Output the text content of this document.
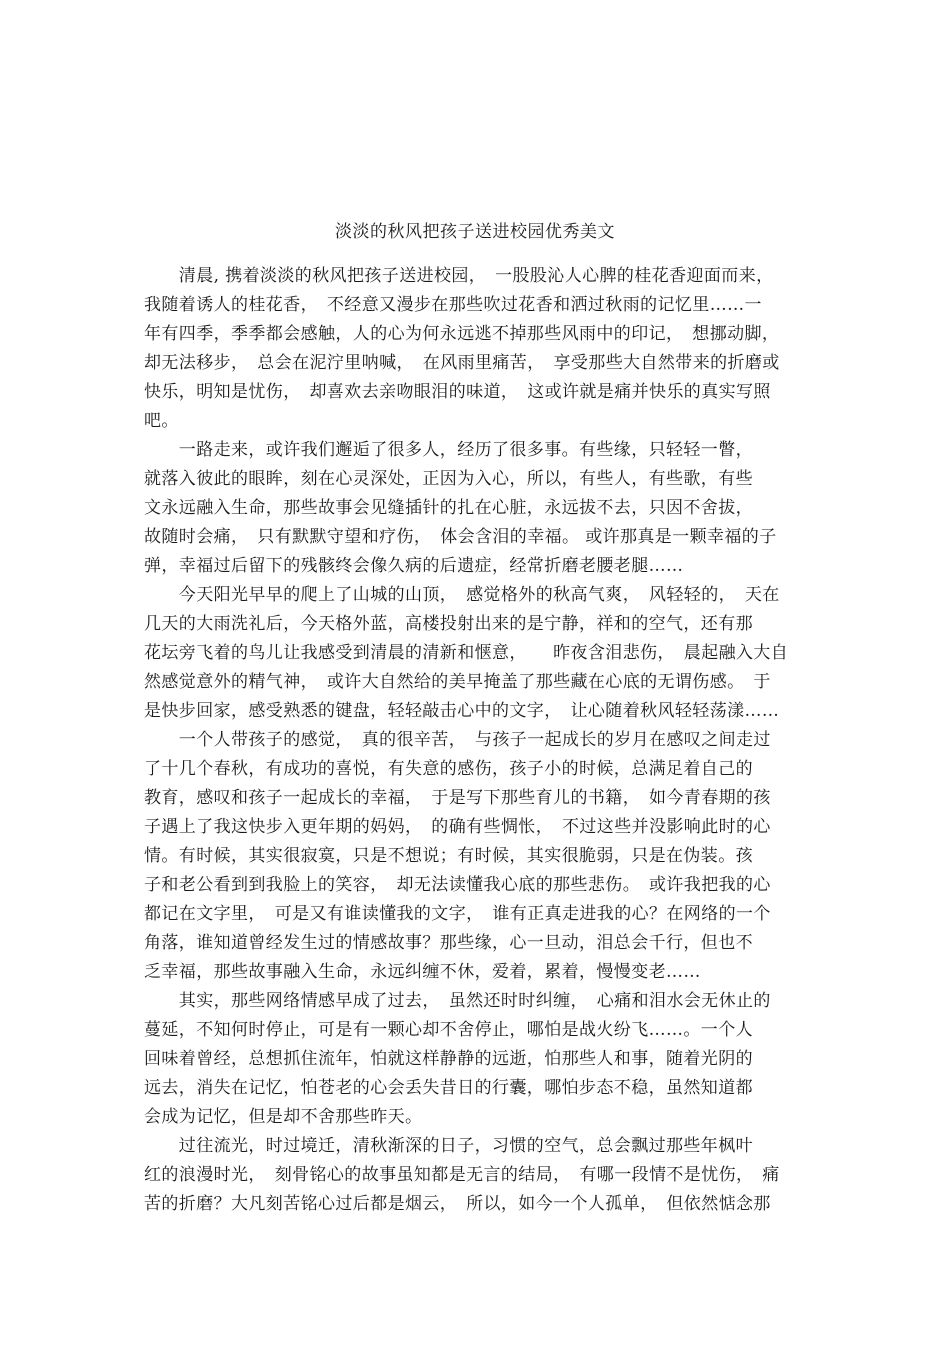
淡淡的秋风把孩子送进校园优秀美文
　　清晨, 携着淡淡的秋风把孩子送进校园，　一股股沁人心脾的桂花香迎面而来，
我随着诱人的桂花香，　不经意又漫步在那些吹过花香和洒过秋雨的记忆里……一
年有四季，季季都会感触，人的心为何永远逃不掉那些风雨中的印记，　想挪动脚，
却无法移步，　总会在泥泞里呐喊，　在风雨里痛苦，　享受那些大自然带来的折磨或
快乐，明知是忧伤，　却喜欢去亲吻眼泪的味道，　这或许就是痛并快乐的真实写照
吧。
　　一路走来，或许我们邂逅了很多人，经历了很多事。有些缘，只轻轻一瞥，
就落入彼此的眼眸，刻在心灵深处，正因为入心，所以，有些人，有些歌，有些
文永远融入生命，那些故事会见缝插针的扎在心脏，永远拔不去，只因不舍拔，
故随时会痛，　只有默默守望和疗伤，　体会含泪的幸福。 或许那真是一颗幸福的子
弹，幸福过后留下的残骸终会像久病的后遗症，经常折磨老腰老腿……
　　今天阳光早早的爬上了山城的山顶，　感觉格外的秋高气爽，　风轻轻的，　天在
几天的大雨洗礼后，今天格外蓝，高楼投射出来的是宁静，祥和的空气，还有那
花坛旁飞着的鸟儿让我感受到清晨的清新和惬意，　　昨夜含泪悲伤，　晨起融入大自
然感觉意外的精气神，　或许大自然给的美早掩盖了那些藏在心底的无谓伤感。　于
是快步回家，感受熟悉的键盘，轻轻敲击心中的文字，　让心随着秋风轻轻荡漾……
　　一个人带孩子的感觉，　真的很辛苦，　与孩子一起成长的岁月在感叹之间走过
了十几个春秋，有成功的喜悦，有失意的感伤，孩子小的时候，总满足着自己的
教育，感叹和孩子一起成长的幸福，　于是写下那些育儿的书籍，　如今青春期的孩
子遇上了我这快步入更年期的妈妈，　的确有些惆怅，　不过这些并没影响此时的心
情。有时候，其实很寂寞，只是不想说；有时候，其实很脆弱，只是在伪装。孩
子和老公看到到我脸上的笑容，　却无法读懂我心底的那些悲伤。　或许我把我的心
都记在文字里，　可是又有谁读懂我的文字，　谁有正真走进我的心？在网络的一个
角落，谁知道曾经发生过的情感故事？那些缘，心一旦动，泪总会千行，但也不
乏幸福，那些故事融入生命，永远纠缠不休，爱着，累着，慢慢变老……
　　其实，那些网络情感早成了过去，　虽然还时时纠缠，　心痛和泪水会无休止的
蔓延，不知何时停止，可是有一颗心却不舍停止，哪怕是战火纷飞……。一个人
回味着曾经，总想抓住流年，怕就这样静静的远逝，怕那些人和事，随着光阴的
远去，消失在记忆，怕苍老的心会丢失昔日的行囊，哪怕步态不稳，虽然知道都
会成为记忆，但是却不舍那些昨天。
　　过往流光，时过境迁，清秋渐深的日子，习惯的空气，总会飘过那些年枫叶
红的浪漫时光，　刻骨铭心的故事虽知都是无言的结局，　有哪一段情不是忧伤，　痛
苦的折磨？大凡刻苦铭心过后都是烟云，　所以，如今一个人孤单，　但依然惦念那
